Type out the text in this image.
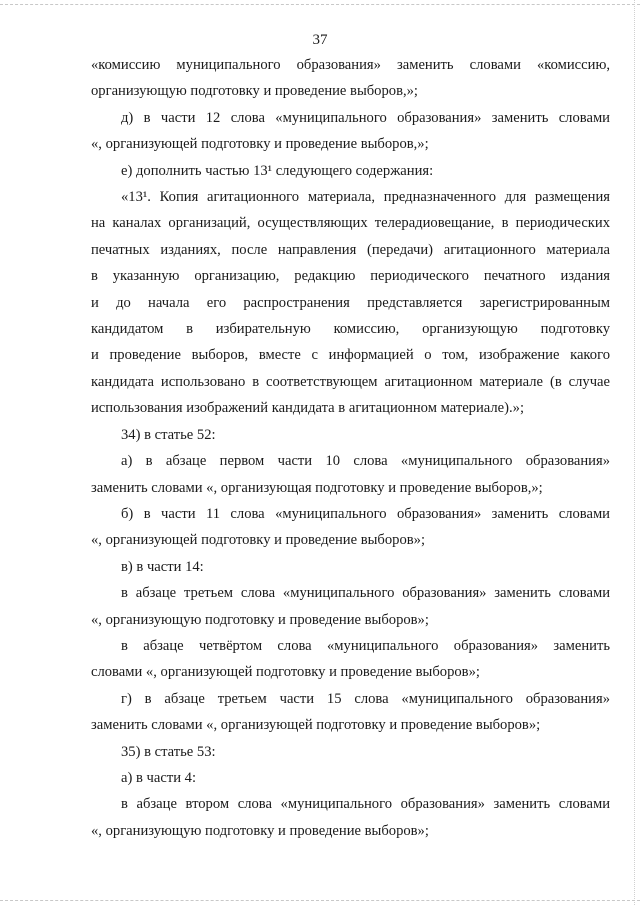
37
«комиссию муниципального образования» заменить словами «комиссию,
организующую подготовку и проведение выборов,»;
д) в части 12 слова «муниципального образования» заменить словами
«, организующей подготовку и проведение выборов,»;
е) дополнить частью 13¹ следующего содержания:
«13¹. Копия агитационного материала, предназначенного для размещения
на каналах организаций, осуществляющих телерадиовещание, в периодических
печатных изданиях, после направления (передачи) агитационного материала
в указанную организацию, редакцию периодического печатного издания
и до начала его распространения представляется зарегистрированным
кандидатом в избирательную комиссию, организующую подготовку
и проведение выборов, вместе с информацией о том, изображение какого
кандидата использовано в соответствующем агитационном материале (в случае
использования изображений кандидата в агитационном материале).»;
34) в статье 52:
а) в абзаце первом части 10 слова «муниципального образования»
заменить словами «, организующая подготовку и проведение выборов,»;
б) в части 11 слова «муниципального образования» заменить словами
«, организующей подготовку и проведение выборов»;
в) в части 14:
в абзаце третьем слова «муниципального образования» заменить словами
«, организующую подготовку и проведение выборов»;
в абзаце четвёртом слова «муниципального образования» заменить
словами «, организующей подготовку и проведение выборов»;
г) в абзаце третьем части 15 слова «муниципального образования»
заменить словами «, организующей подготовку и проведение выборов»;
35) в статье 53:
а) в части 4:
в абзаце втором слова «муниципального образования» заменить словами
«, организующую подготовку и проведение выборов»;
